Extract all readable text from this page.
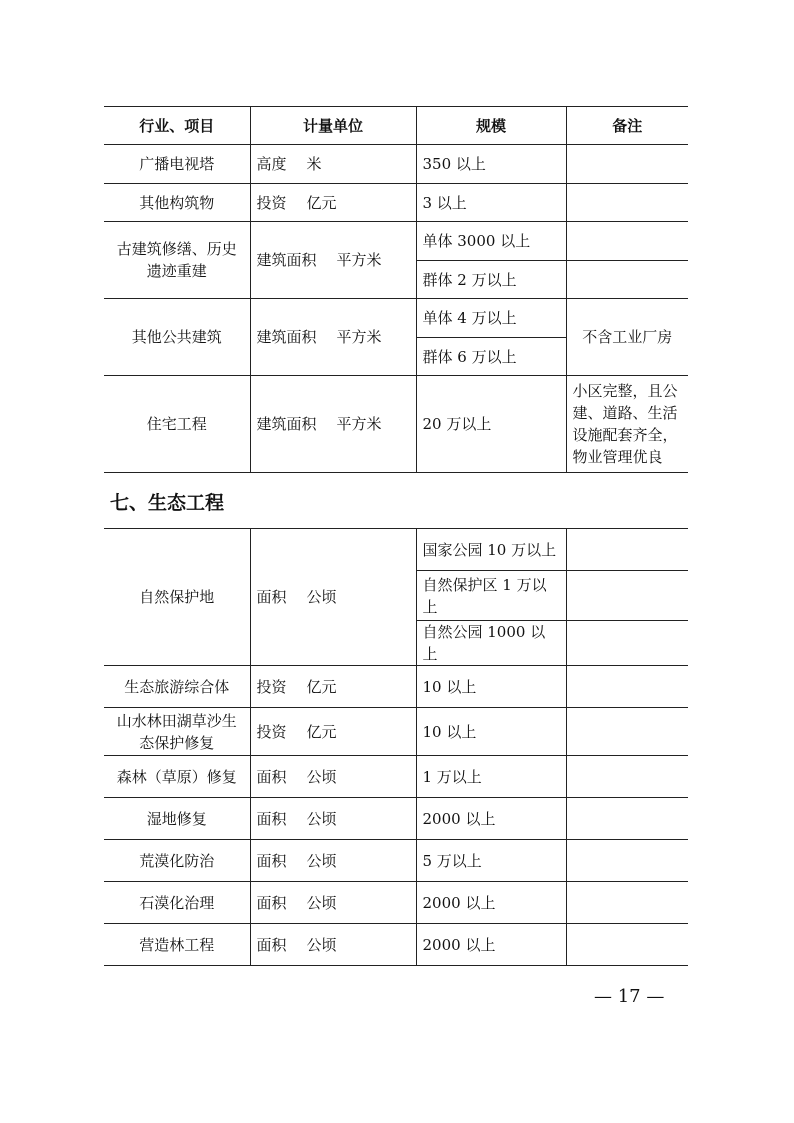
行业、项目	计量单位	规模	备注
广播电视塔	高度 米	350 以上	
其他构筑物	投资 亿元	3 以上	
古建筑修缮、历史
遗迹重建	建筑面积 平方米	单体 3000 以上	
		群体 2 万以上	
其他公共建筑	建筑面积 平方米	单体 4 万以上	不含工业厂房
		群体 6 万以上	
住宅工程	建筑面积 平方米	20 万以上	小区完整，且公
建、道路、生活
设施配套齐全，
物业管理优良
七、生态工程
自然保护地	面积 公顷	国家公园 10 万以上	
		自然保护区 1 万以
上	
		自然公园 1000 以上	
生态旅游综合体	投资 亿元	10 以上	
山水林田湖草沙生
态保护修复	投资 亿元	10 以上	
森林（草原）修复	面积 公顷	1 万以上	
湿地修复	面积 公顷	2000 以上	
荒漠化防治	面积 公顷	5 万以上	
石漠化治理	面积 公顷	2000 以上	
营造林工程	面积 公顷	2000 以上	
— 17 —
